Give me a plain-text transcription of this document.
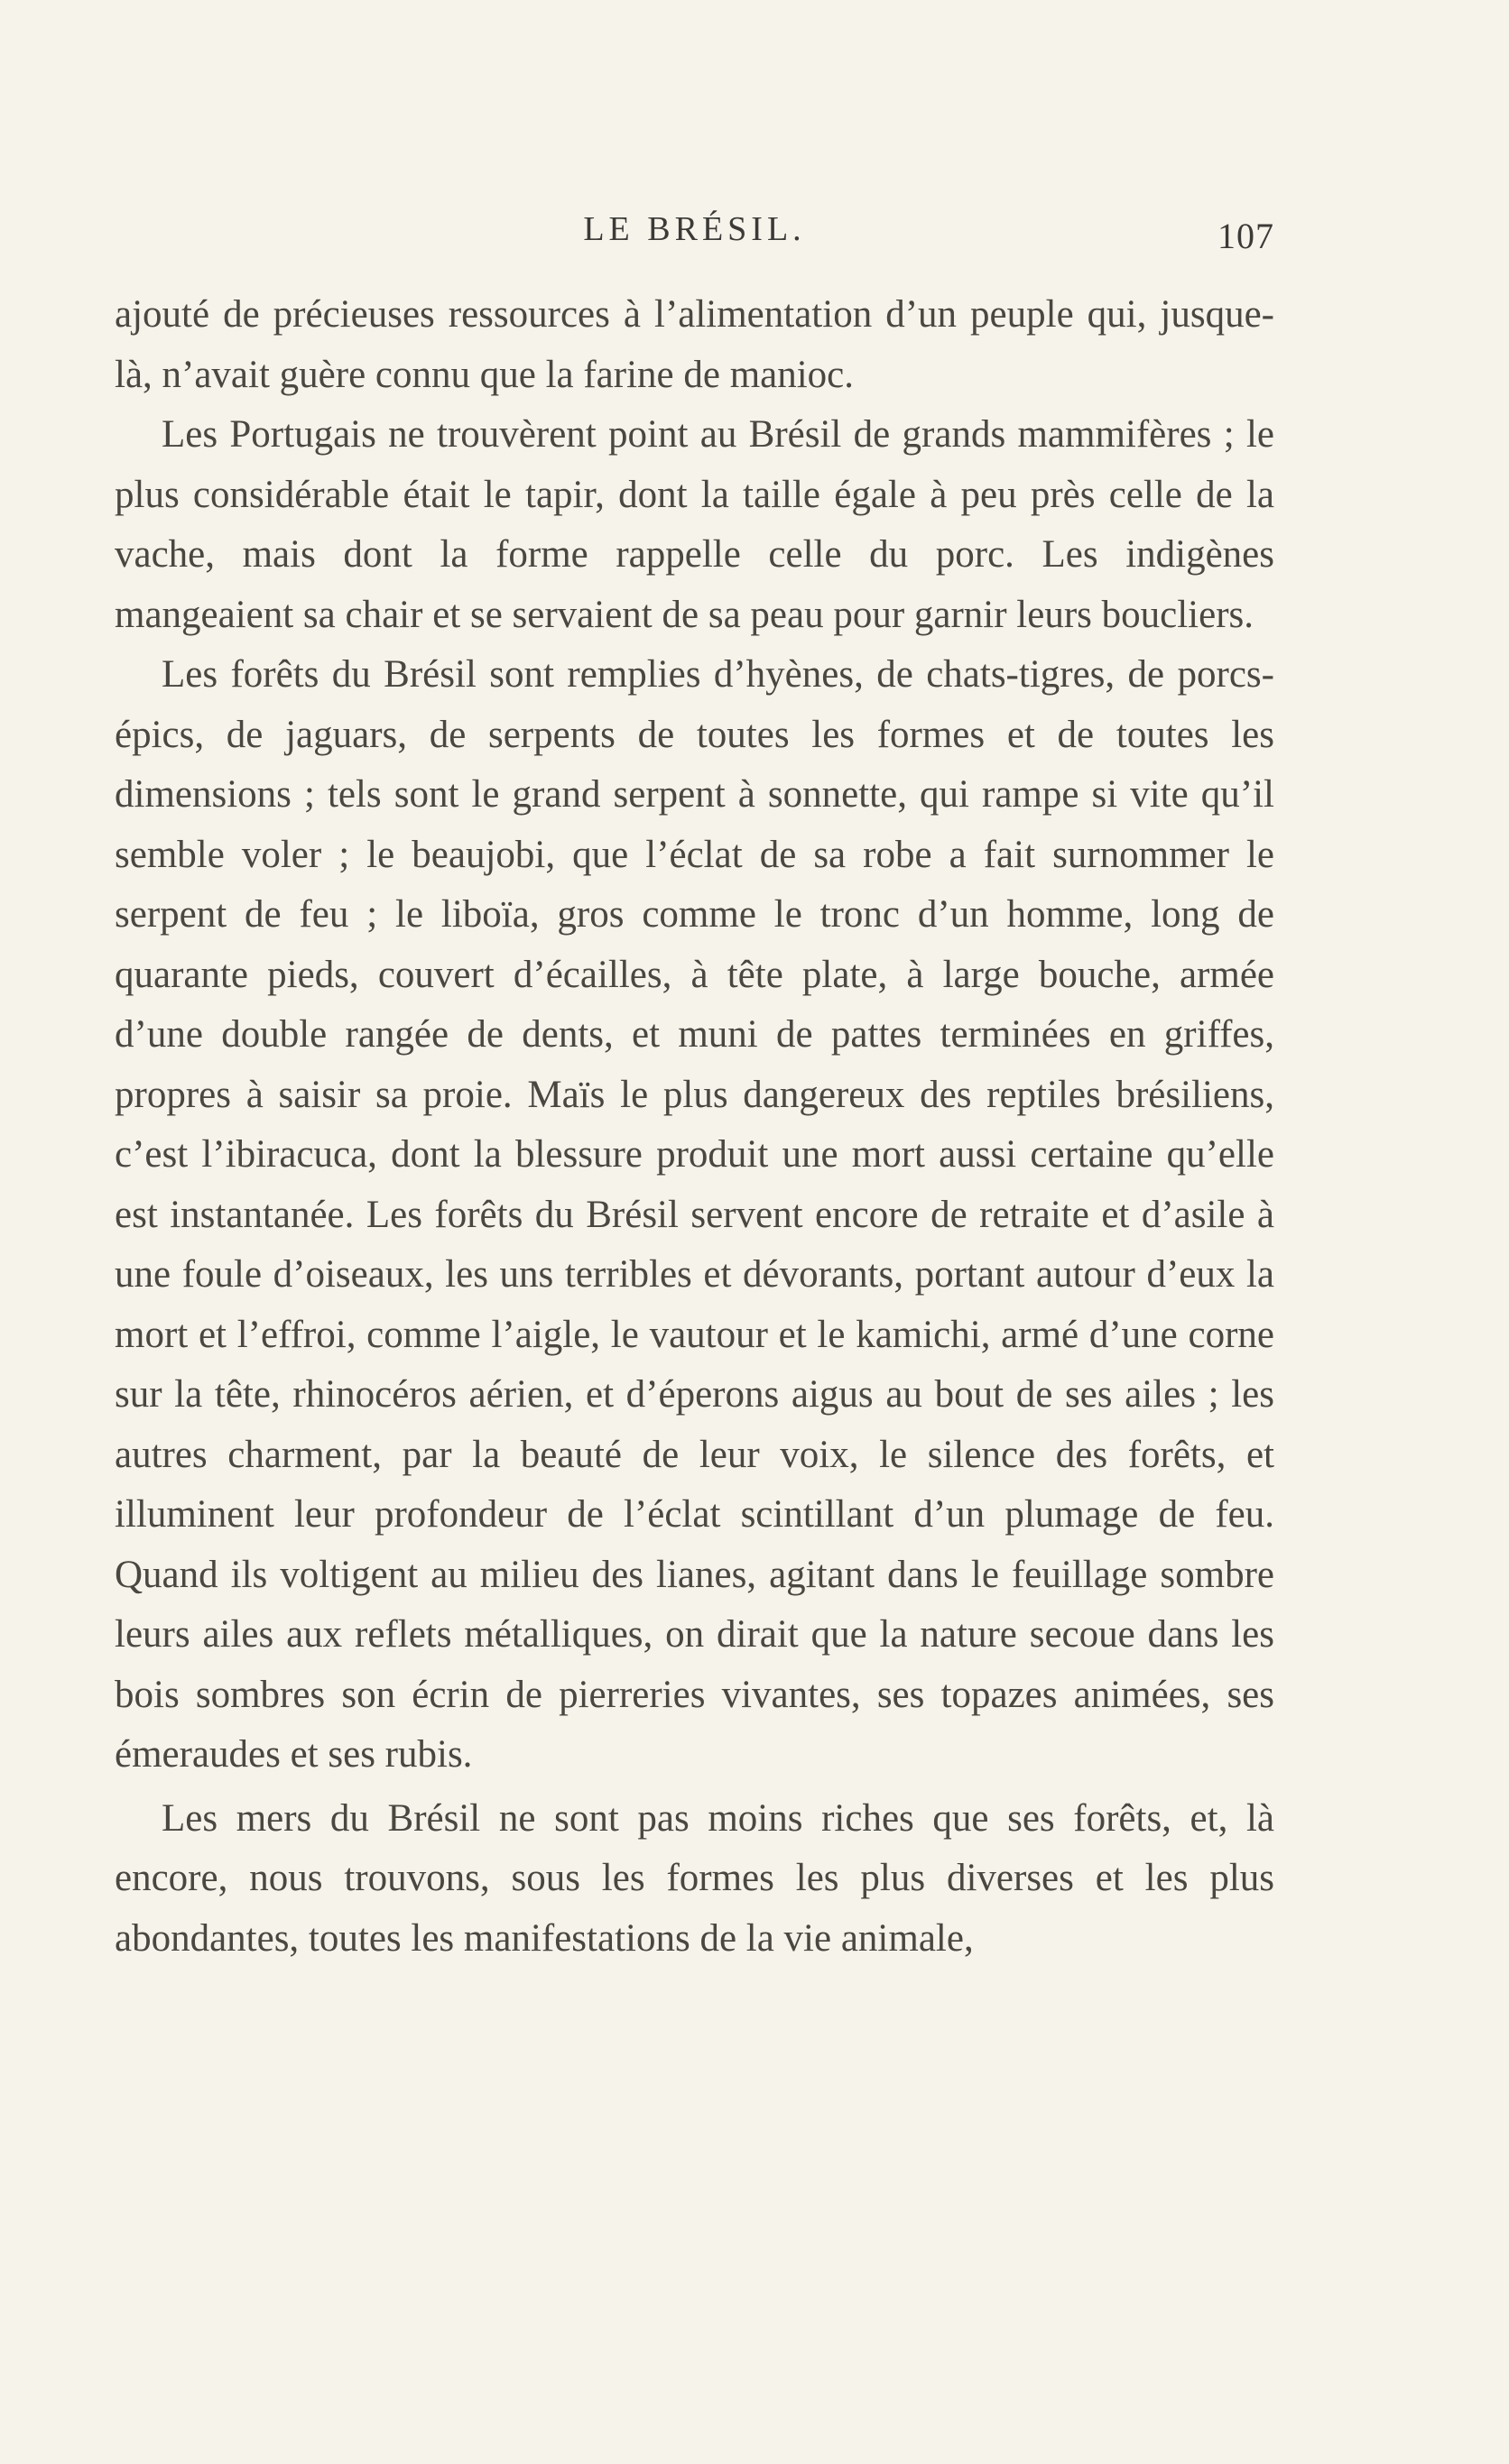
LE BRÉSIL.	107

ajouté de précieuses ressources à l’alimentation d’un peuple qui, jusque-là, n’avait guère connu que la farine de manioc.

Les Portugais ne trouvèrent point au Brésil de grands mammifères ; le plus considérable était le tapir, dont la taille égale à peu près celle de la vache, mais dont la forme rappelle celle du porc. Les indigènes mangeaient sa chair et se servaient de sa peau pour garnir leurs boucliers.

Les forêts du Brésil sont remplies d’hyènes, de chats-tigres, de porcs-épics, de jaguars, de serpents de toutes les formes et de toutes les dimensions ; tels sont le grand serpent à sonnette, qui rampe si vite qu’il semble voler ; le beaujobi, que l’éclat de sa robe a fait surnommer le serpent de feu ; le liboïa, gros comme le tronc d’un homme, long de quarante pieds, couvert d’écailles, à tête plate, à large bouche, armée d’une double rangée de dents, et muni de pattes terminées en griffes, propres à saisir sa proie. Maïs le plus dangereux des reptiles brésiliens, c’est l’ibiracuca, dont la blessure produit une mort aussi certaine qu’elle est instantanée. Les forêts du Brésil servent encore de retraite et d’asile à une foule d’oiseaux, les uns terribles et dévorants, portant autour d’eux la mort et l’effroi, comme l’aigle, le vautour et le kamichi, armé d’une corne sur la tête, rhinocéros aérien, et d’éperons aigus au bout de ses ailes ; les autres charment, par la beauté de leur voix, le silence des forêts, et illuminent leur profondeur de l’éclat scintillant d’un plumage de feu. Quand ils voltigent au milieu des lianes, agitant dans le feuillage sombre leurs ailes aux reflets métalliques, on dirait que la nature secoue dans les bois sombres son écrin de pierreries vivantes, ses topazes animées, ses émeraudes et ses rubis.

Les mers du Brésil ne sont pas moins riches que ses forêts, et, là encore, nous trouvons, sous les formes les plus diverses et les plus abondantes, toutes les manifestations de la vie animale,
